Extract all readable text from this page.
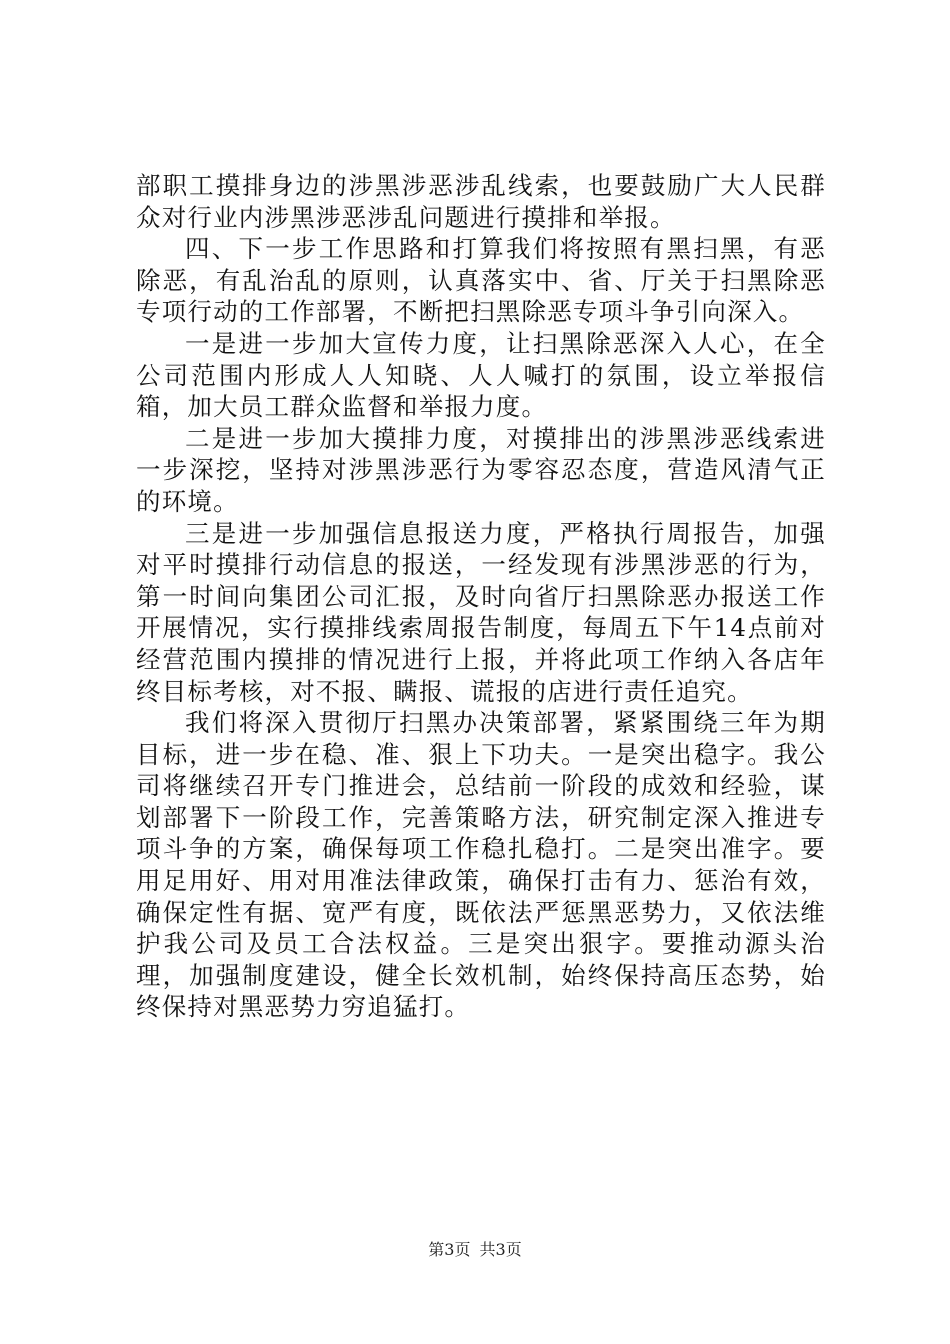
部职工摸排身边的涉黑涉恶涉乱线索，也要鼓励广大人民群众对行业内涉黑涉恶涉乱问题进行摸排和举报。

四、下一步工作思路和打算我们将按照有黑扫黑，有恶除恶，有乱治乱的原则，认真落实中、省、厅关于扫黑除恶专项行动的工作部署，不断把扫黑除恶专项斗争引向深入。

一是进一步加大宣传力度，让扫黑除恶深入人心，在全公司范围内形成人人知晓、人人喊打的氛围，设立举报信箱，加大员工群众监督和举报力度。

二是进一步加大摸排力度，对摸排出的涉黑涉恶线索进一步深挖，坚持对涉黑涉恶行为零容忍态度，营造风清气正的环境。

三是进一步加强信息报送力度，严格执行周报告，加强对平时摸排行动信息的报送，一经发现有涉黑涉恶的行为，第一时间向集团公司汇报，及时向省厅扫黑除恶办报送工作开展情况，实行摸排线索周报告制度，每周五下午14点前对经营范围内摸排的情况进行上报，并将此项工作纳入各店年终目标考核，对不报、瞒报、谎报的店进行责任追究。

我们将深入贯彻厅扫黑办决策部署，紧紧围绕三年为期目标，进一步在稳、准、狠上下功夫。一是突出稳字。我公司将继续召开专门推进会，总结前一阶段的成效和经验，谋划部署下一阶段工作，完善策略方法，研究制定深入推进专项斗争的方案，确保每项工作稳扎稳打。二是突出准字。要用足用好、用对用准法律政策，确保打击有力、惩治有效，确保定性有据、宽严有度，既依法严惩黑恶势力，又依法维护我公司及员工合法权益。三是突出狠字。要推动源头治理，加强制度建设，健全长效机制，始终保持高压态势，始终保持对黑恶势力穷追猛打。

第3页 共3页
